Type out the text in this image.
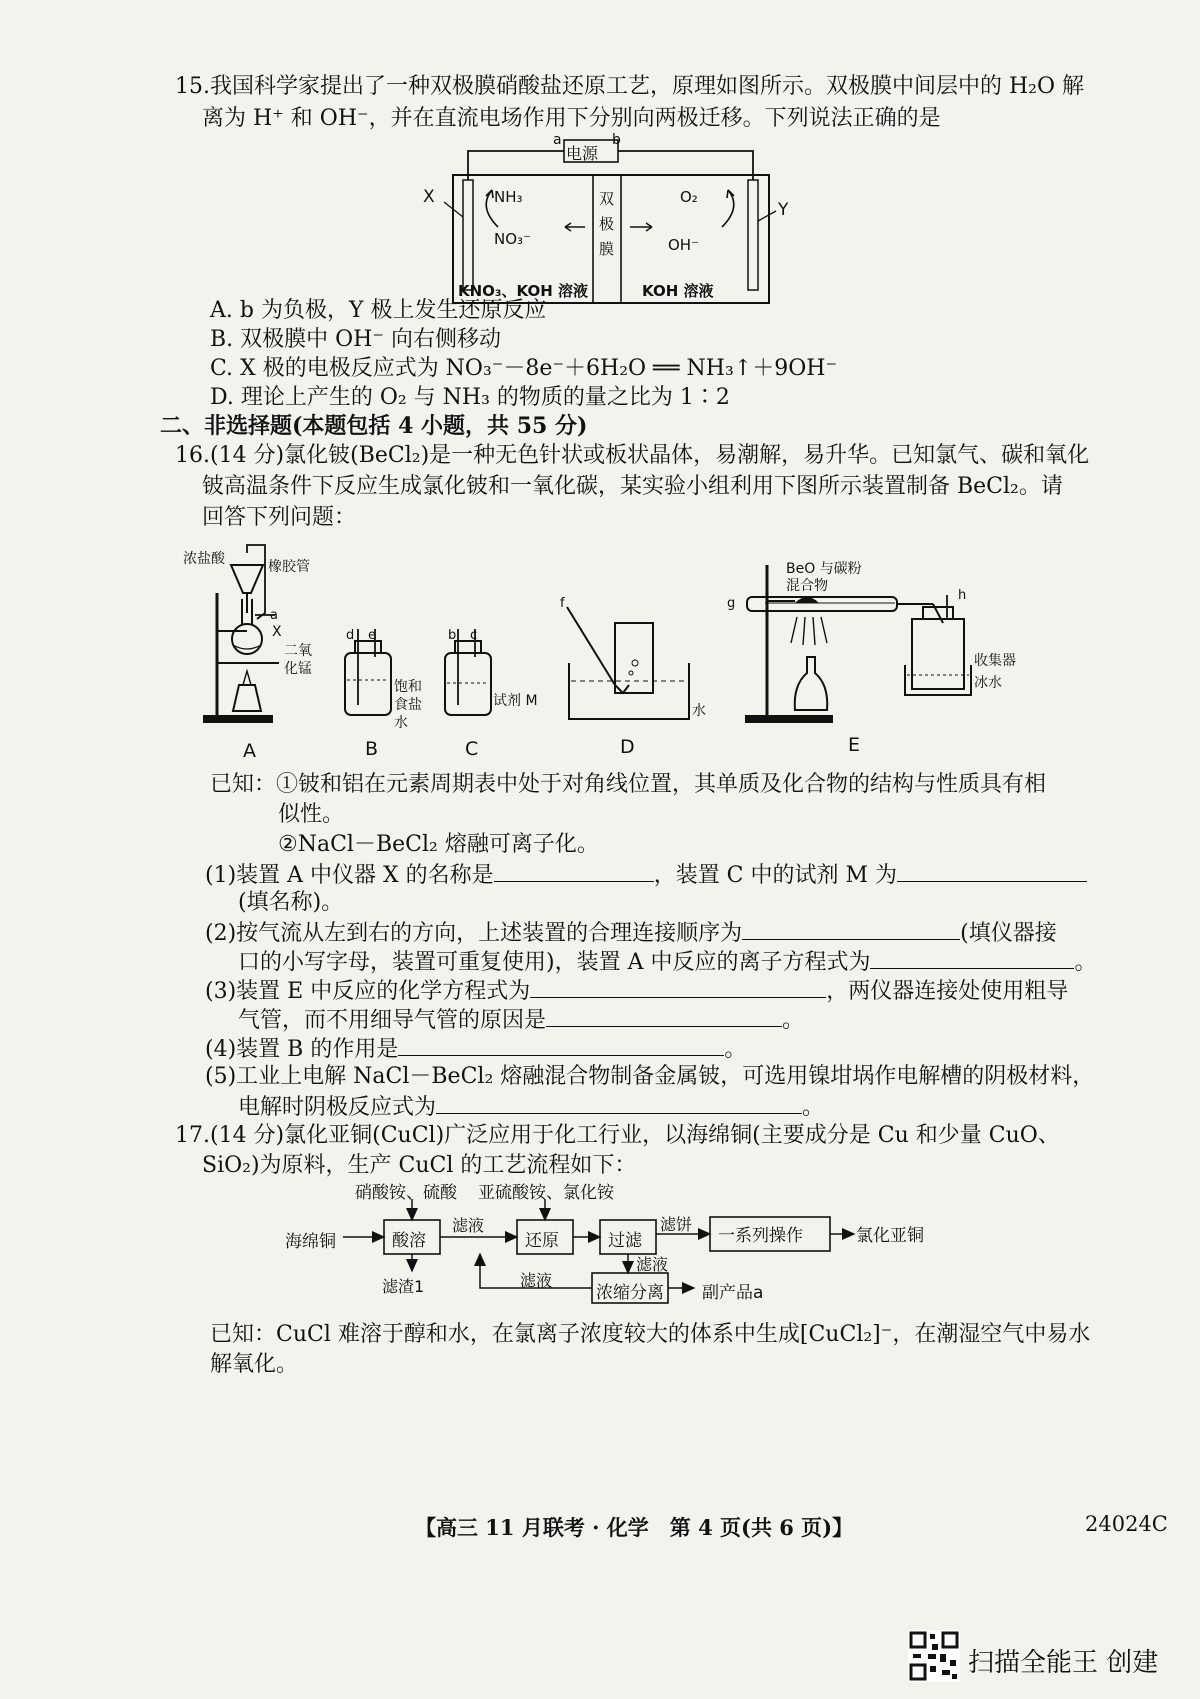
15.我国科学家提出了一种双极膜硝酸盐还原工艺，原理如图所示。双极膜中间层中的 H₂O 解
离为 H⁺ 和 OH⁻，并在直流电场作用下分别向两极迁移。下列说法正确的是
a	b
电源
X
Y
NH₃
NO₃⁻
O₂
OH⁻
双
极
膜
KNO₃、KOH 溶液	KOH 溶液
A. b 为负极，Y 极上发生还原反应
B. 双极膜中 OH⁻ 向右侧移动
C. X 极的电极反应式为 NO₃⁻－8e⁻＋6H₂O ══ NH₃↑＋9OH⁻
D. 理论上产生的 O₂ 与 NH₃ 的物质的量之比为 1∶2
二、非选择题(本题包括 4 小题，共 55 分)
16.(14 分)氯化铍(BeCl₂)是一种无色针状或板状晶体，易潮解，易升华。已知氯气、碳和氧化
铍高温条件下反应生成氯化铍和一氧化碳，某实验小组利用下图所示装置制备 BeCl₂。请
回答下列问题：
浓盐酸	橡胶管
a
X
二氧
化锰
d e
饱和
食盐
水
b c
试剂 M
f
水
BeO 与碳粉
混合物
g
h
收集器
冰水
A	B	C	D	E
已知：①铍和铝在元素周期表中处于对角线位置，其单质及化合物的结构与性质具有相
似性。
②NaCl－BeCl₂ 熔融可离子化。
(1)装置 A 中仪器 X 的名称是	，装置 C 中的试剂 M 为
(填名称)。
(2)按气流从左到右的方向，上述装置的合理连接顺序为	(填仪器接
口的小写字母，装置可重复使用)，装置 A 中反应的离子方程式为	。
(3)装置 E 中反应的化学方程式为	，两仪器连接处使用粗导
气管，而不用细导气管的原因是	。
(4)装置 B 的作用是	。
(5)工业上电解 NaCl－BeCl₂ 熔融混合物制备金属铍，可选用镍坩埚作电解槽的阴极材料，
电解时阴极反应式为	。
17.(14 分)氯化亚铜(CuCl)广泛应用于化工行业，以海绵铜(主要成分是 Cu 和少量 CuO、
SiO₂)为原料，生产 CuCl 的工艺流程如下：
硝酸铵、硫酸 亚硫酸铵、氯化铵
海绵铜	酸溶
滤液
还原	过滤
滤饼
一系列操作	氯化亚铜
滤渣1
滤液
滤液
浓缩分离 副产品a
已知：CuCl 难溶于醇和水，在氯离子浓度较大的体系中生成[CuCl₂]⁻，在潮湿空气中易水
解氧化。
【高三 11 月联考 · 化学　第 4 页(共 6 页)】	24024C
扫描全能王 创建
